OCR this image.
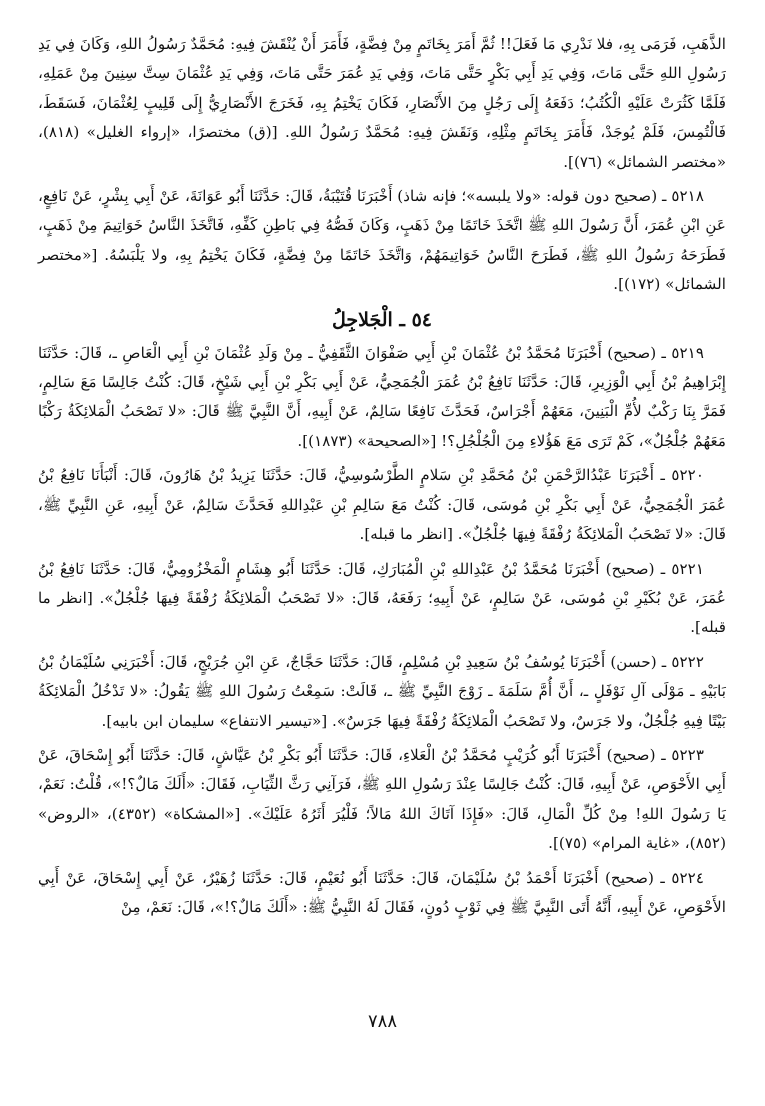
الذَّهَبِ، فَرَمَى بِهِ، فلا نَدْرِي مَا فَعَلَ!! ثُمَّ أَمَرَ بِخَاتَمٍ مِنْ فِضَّةٍ، فَأَمَرَ أَنْ يُنْقَشَ فِيهِ: مُحَمَّدٌ رَسُولُ اللهِ، وَكَانَ فِي يَدِ رَسُولِ اللهِ حَتَّى مَاتَ، وَفِي يَدِ أَبِي بَكْرٍ حَتَّى مَاتَ، وَفِي يَدِ عُمَرَ حَتَّى مَاتَ، وَفِي يَدِ عُثْمَانَ سِتَّ سِنِينَ مِنْ عَمَلِهِ، فَلَمَّا كَثُرَتْ عَلَيْهِ الْكُتُبُ؛ دَفَعَهُ إِلَى رَجُلٍ مِنَ الأَنْصَارِ، فَكَانَ يَخْتِمُ بِهِ، فَخَرَجَ الأَنْصَارِيُّ إِلَى قَلِيبٍ لِعُثْمَانَ، فَسَقَطَ، فَالْتُمِسَ، فَلَمْ يُوجَدْ، فَأَمَرَ بِخَاتَمٍ مِثْلِهِ، وَنَقَشَ فِيهِ: مُحَمَّدٌ رَسُولُ اللهِ. [(ق) مختصرًا، «إرواء الغليل» (٨١٨)، «مختصر الشمائل» (٧٦)].

٥٢١٨ ـ (صحيح دون قوله: «ولا يلبسه»؛ فإنه شاذ) أَخْبَرَنَا قُتَيْبَةُ، قَالَ: حَدَّثَنَا أَبُو عَوَانَةَ، عَنْ أَبِي بِشْرٍ، عَنْ نَافِعٍ، عَنِ ابْنِ عُمَرَ، أَنَّ رَسُولَ اللهِ ﷺ اتَّخَذَ خَاتَمًا مِنْ ذَهَبٍ، وَكَانَ فَصُّهُ فِي بَاطِنِ كَفِّهِ، فَاتَّخَذَ النَّاسُ خَوَاتِيمَ مِنْ ذَهَبٍ، فَطَرَحَهُ رَسُولُ اللهِ ﷺ، فَطَرَحَ النَّاسُ خَوَاتِيمَهُمْ، وَاتَّخَذَ خَاتَمًا مِنْ فِضَّةٍ، فَكَانَ يَخْتِمُ بِهِ، ولا يَلْبَسُهُ. [«مختصر الشمائل» (١٧٢)].

٥٤ ـ الْجَلاجِلُ

٥٢١٩ ـ (صحيح) أَخْبَرَنَا مُحَمَّدُ بْنُ عُثْمَانَ بْنِ أَبِي صَفْوَانَ الثَّقَفِيُّ ـ مِنْ وَلَدِ عُثْمَانَ بْنِ أَبِي الْعَاصِ ـ، قَالَ: حَدَّثَنَا إِبْرَاهِيمُ بْنُ أَبِي الْوَزِيرِ، قَالَ: حَدَّثَنَا نَافِعُ بْنُ عُمَرَ الْجُمَحِيُّ، عَنْ أَبِي بَكْرِ بْنِ أَبِي شَيْخٍ، قَالَ: كُنْتُ جَالِسًا مَعَ سَالِمٍ، فَمَرَّ بِنَا رَكْبٌ لأُمِّ الْبَنِينَ، مَعَهُمْ أَجْرَاسٌ، فَحَدَّثَ نَافِعًا سَالِمٌ، عَنْ أَبِيهِ، أَنَّ النَّبِيَّ ﷺ قَالَ: «لا تَصْحَبُ الْمَلائِكَةُ رَكْبًا مَعَهُمْ جُلْجُلٌ»، كَمْ تَرَى مَعَ هَؤُلاءِ مِنَ الْجُلْجُلِ؟! [«الصحيحة» (١٨٧٣)].

٥٢٢٠ ـ أَخْبَرَنَا عَبْدُالرَّحْمَنِ بْنُ مُحَمَّدِ بْنِ سَلامٍ الطَّرْسُوسِيُّ، قَالَ: حَدَّثَنَا يَزِيدُ بْنُ هَارُونَ، قَالَ: أَنْبَأَنَا نَافِعُ بْنُ عُمَرَ الْجُمَحِيُّ، عَنْ أَبِي بَكْرِ بْنِ مُوسَى، قَالَ: كُنْتُ مَعَ سَالِمِ بْنِ عَبْدِاللهِ فَحَدَّثَ سَالِمٌ، عَنْ أَبِيهِ، عَنِ النَّبِيِّ ﷺ، قَالَ: «لا تَصْحَبُ الْمَلائِكَةُ رُفْقَةً فِيهَا جُلْجُلٌ». [انظر ما قبله].

٥٢٢١ ـ (صحيح) أَخْبَرَنَا مُحَمَّدُ بْنُ عَبْدِاللهِ بْنِ الْمُبَارَكِ، قَالَ: حَدَّثَنَا أَبُو هِشَامٍ الْمَخْزُومِيُّ، قَالَ: حَدَّثَنَا نَافِعُ بْنُ عُمَرَ، عَنْ بُكَيْرِ بْنِ مُوسَى، عَنْ سَالِمٍ، عَنْ أَبِيهِ؛ رَفَعَهُ، قَالَ: «لا تَصْحَبُ الْمَلائِكَةُ رُفْقَةً فِيهَا جُلْجُلٌ». [انظر ما قبله].

٥٢٢٢ ـ (حسن) أَخْبَرَنَا يُوسُفُ بْنُ سَعِيدِ بْنِ مُسْلِمٍ، قَالَ: حَدَّثَنَا حَجَّاجٌ، عَنِ ابْنِ جُرَيْجٍ، قَالَ: أَخْبَرَنِي سُلَيْمَانُ بْنُ بَابَيْهِ ـ مَوْلَى آلِ نَوْفَلٍ ـ، أَنَّ أُمَّ سَلَمَةَ ـ زَوْجَ النَّبِيِّ ﷺ ـ، قَالَتْ: سَمِعْتُ رَسُولَ اللهِ ﷺ يَقُولُ: «لا تَدْخُلُ الْمَلائِكَةُ بَيْتًا فِيهِ جُلْجُلٌ، ولا جَرَسٌ، ولا تَصْحَبُ الْمَلائِكَةُ رُفْقَةً فِيهَا جَرَسٌ». [«تيسير الانتفاع» سليمان ابن بابيه].

٥٢٢٣ ـ (صحيح) أَخْبَرَنَا أَبُو كُرَيْبٍ مُحَمَّدُ بْنُ الْعَلاءِ، قَالَ: حَدَّثَنَا أَبُو بَكْرِ بْنُ عَيَّاشٍ، قَالَ: حَدَّثَنَا أَبُو إِسْحَاقَ، عَنْ أَبِي الأَحْوَصِ، عَنْ أَبِيهِ، قَالَ: كُنْتُ جَالِسًا عِنْدَ رَسُولِ اللهِ ﷺ، فَرَآنِي رَثَّ الثِّيَابِ، فَقَالَ: «أَلَكَ مَالٌ؟!»، قُلْتُ: نَعَمْ، يَا رَسُولَ اللهِ! مِنْ كُلِّ الْمَالِ، قَالَ: «فَإِذَا آتَاكَ اللهُ مَالاً؛ فَلْيُرَ أَثَرُهُ عَلَيْكَ». [«المشكاة» (٤٣٥٢)، «الروض» (٨٥٢)، «غاية المرام» (٧٥)].

٥٢٢٤ ـ (صحيح) أَخْبَرَنَا أَحْمَدُ بْنُ سُلَيْمَانَ، قَالَ: حَدَّثَنَا أَبُو نُعَيْمٍ، قَالَ: حَدَّثَنَا زُهَيْرٌ، عَنْ أَبِي إِسْحَاقَ، عَنْ أَبِي الأَحْوَصِ، عَنْ أَبِيهِ، أَنَّهُ أَتَى النَّبِيَّ ﷺ فِي ثَوْبٍ دُونٍ، فَقَالَ لَهُ النَّبِيُّ ﷺ: «أَلَكَ مَالٌ؟!»، قَالَ: نَعَمْ، مِنْ

٧٨٨
